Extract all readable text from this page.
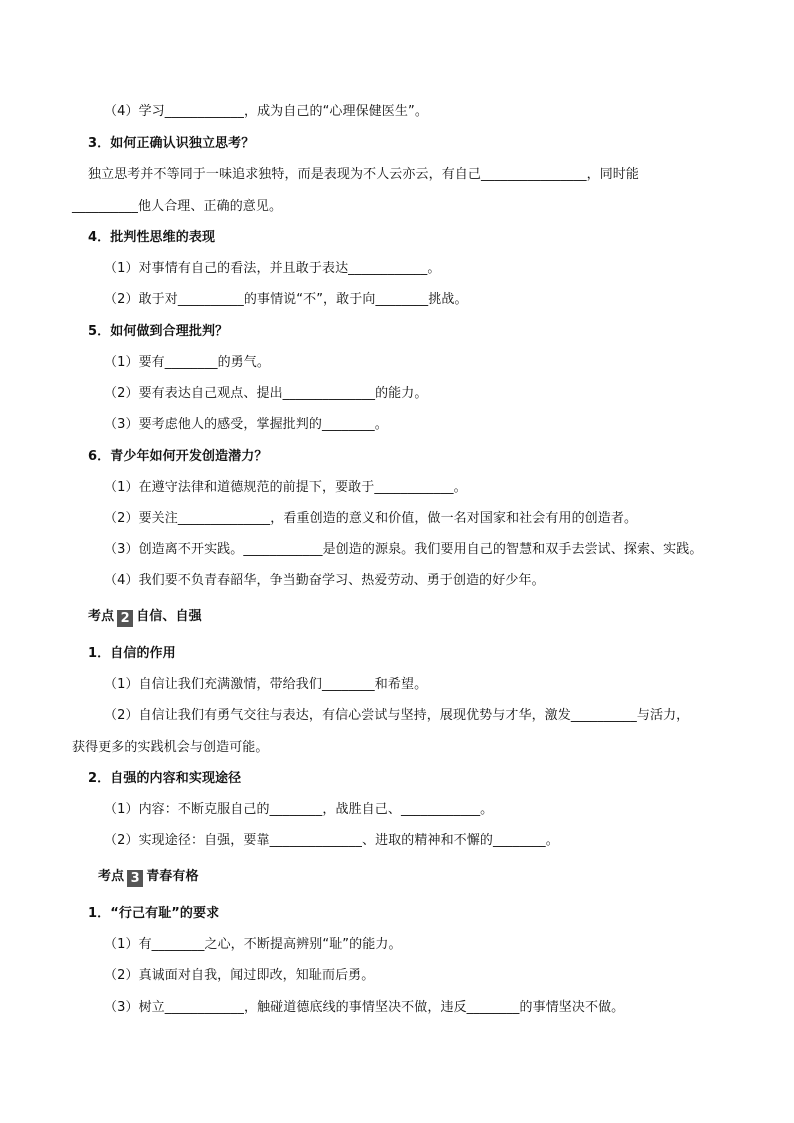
（4）学习____________，成为自己的“心理保健医生”。
3．如何正确认识独立思考？
独立思考并不等同于一味追求独特，而是表现为不人云亦云，有自己________________，同时能
__________他人合理、正确的意见。
4．批判性思维的表现
（1）对事情有自己的看法，并且敢于表达____________。
（2）敢于对__________的事情说“不”，敢于向________挑战。
5．如何做到合理批判？
（1）要有________的勇气。
（2）要有表达自己观点、提出______________的能力。
（3）要考虑他人的感受，掌握批判的________。
6．青少年如何开发创造潜力？
（1）在遵守法律和道德规范的前提下，要敢于____________。
（2）要关注______________，看重创造的意义和价值，做一名对国家和社会有用的创造者。
（3）创造离不开实践。____________是创造的源泉。我们要用自己的智慧和双手去尝试、探索、实践。
（4）我们要不负青春韶华，争当勤奋学习、热爱劳动、勇于创造的好少年。
考点 2 自信、自强
1．自信的作用
（1）自信让我们充满激情，带给我们________和希望。
（2）自信让我们有勇气交往与表达，有信心尝试与坚持，展现优势与才华，激发__________与活力，
获得更多的实践机会与创造可能。
2．自强的内容和实现途径
（1）内容：不断克服自己的________，战胜自己、____________。
（2）实现途径：自强，要靠______________、进取的精神和不懈的________。
考点 3 青春有格
1．“行己有耻”的要求
（1）有________之心，不断提高辨别“耻”的能力。
（2）真诚面对自我，闻过即改，知耻而后勇。
（3）树立____________，触碰道德底线的事情坚决不做，违反________的事情坚决不做。
